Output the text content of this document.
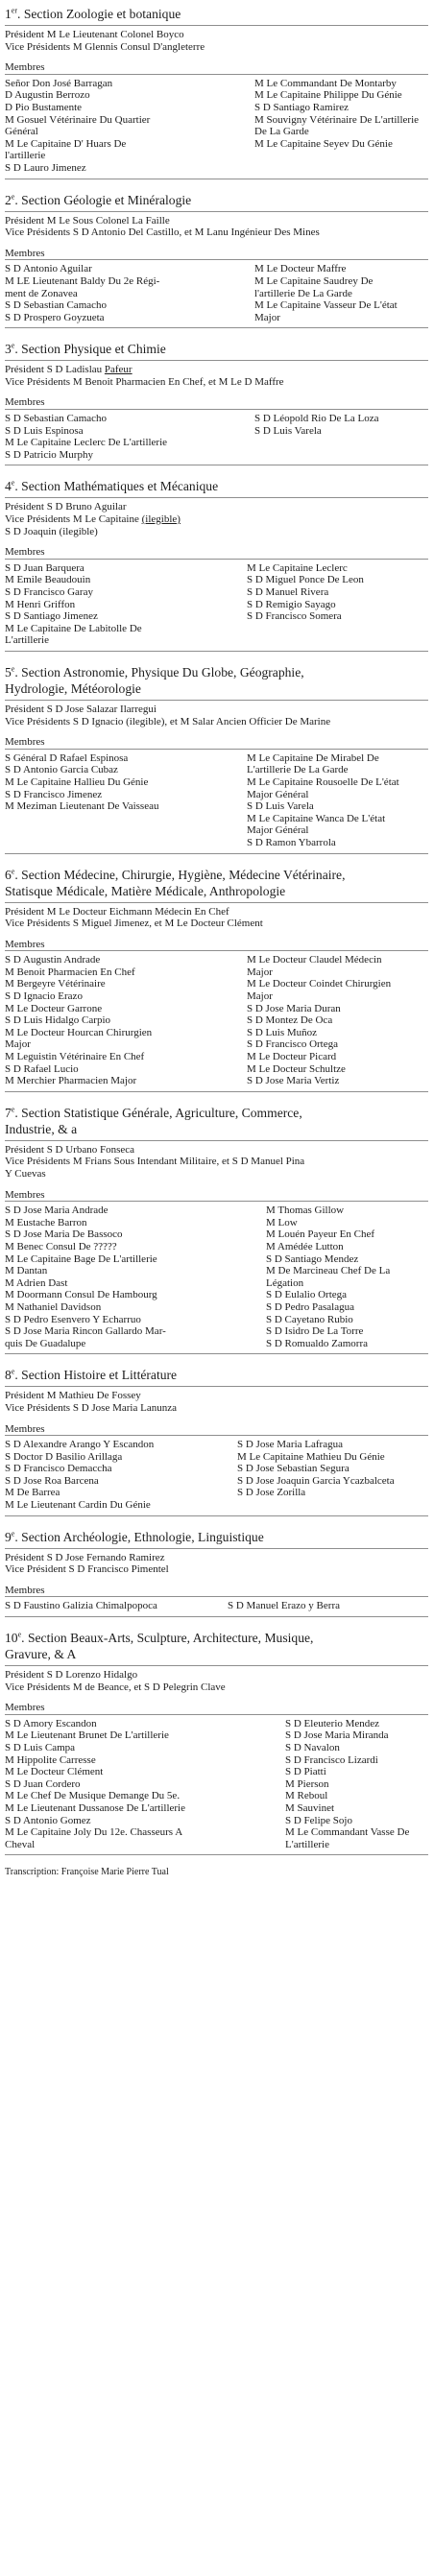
1er. Section Zoologie et botanique
Président M Le Lieutenant Colonel Boyco
Vice Présidents M Glennis Consul D'angleterre
Membres
Señor Don José Barragan
D Augustin Berrozo
D Pio Bustamente
M Gosuel Vétérinaire Du Quartier
Général
M Le Capitaine D' Huars De
l'artillerie
S D Lauro Jimenez
M Le Commandant De Montarby
M Le Capitaine Philippe Du Génie
S D Santiago Ramirez
M Souvigny Vétérinaire De L'artillerie
De La Garde
M Le Capitaine Seyev Du Génie
2e. Section Géologie et Minéralogie
Président M Le Sous Colonel La Faille
Vice Présidents S D Antonio Del Castillo, et M Lanu Ingénieur Des Mines
Membres
S D Antonio Aguilar
M LE Lieutenant Baldy Du 2e Régi-
ment de Zonavea
S D Sebastian Camacho
S D Prospero Goyzueta
M Le Docteur Maffre
M Le Capitaine Saudrey De
l'artillerie De La Garde
M Le Capitaine Vasseur De L'état
Major
3e. Section Physique et Chimie
Président S D Ladislau Pafeur
Vice Présidents M Benoit Pharmacien En Chef, et M Le D Maffre
Membres
S D Sebastian Camacho
S D Luis Espinosa
M Le Capitaine Leclerc De L'artillerie
S D Patricio Murphy
S D Léopold Rio De La Loza
S D Luis Varela
4e. Section Mathématiques et Mécanique
Président S D Bruno Aguilar
Vice Présidents M Le Capitaine (ilegible)
S D Joaquin (ilegible)
Membres
S D Juan Barquera
M Emile Beaudouin
S D Francisco Garay
M Henri Griffon
S D Santiago Jimenez
M Le Capitaine De Labitolle De
L'artillerie
M Le Capitaine Leclerc
S D Miguel Ponce De Leon
S D Manuel Rivera
S D Remigio Sayago
S D Francisco Somera
5e. Section Astronomie, Physique Du Globe, Géographie,
Hydrologie, Météorologie
Président S D Jose Salazar Ilarregui
Vice Présidents S D Ignacio (ilegible), et M Salar Ancien Officier De Marine
Membres
S Général D Rafael Espinosa
S D Antonio Garcia Cubaz
M Le Capitaine Hallieu Du Génie
S D Francisco Jimenez
M Meziman Lieutenant De Vaisseau
M Le Capitaine De Mirabel De
L'artillerie De La Garde
M Le Capitaine Rousoelle De L'état
Major Général
S D Luis Varela
M Le Capitaine Wanca De L'état
Major Général
S D Ramon Ybarrola
6e. Section Médecine, Chirurgie, Hygiène, Médecine Vétérinaire,
Statisque Médicale, Matière Médicale, Anthropologie
Président M Le Docteur Eichmann Médecin En Chef
Vice Présidents S Miguel Jimenez, et M Le Docteur Clément
Membres
S D Augustin Andrade
M Benoit Pharmacien En Chef
M Bergeyre Vétérinaire
S D Ignacio Erazo
M Le Docteur Garrone
S D Luis Hidalgo Carpio
M Le Docteur Hourcan Chirurgien
Major
M Leguistin Vétérinaire En Chef
S D Rafael Lucio
M Merchier Pharmacien Major
M Le Docteur Claudel Médecin
Major
M Le Docteur Coindet Chirurgien
Major
S D Jose Maria Duran
S D Montez De Oca
S D Luis Muñoz
S D Francisco Ortega
M Le Docteur Picard
M Le Docteur Schultze
S D Jose Maria Vertiz
7e. Section Statistique Générale, Agriculture, Commerce,
Industrie, & a
Président S D Urbano Fonseca
Vice Présidents M Frians Sous Intendant Militaire, et S D Manuel Pina
Y Cuevas
Membres
S D Jose Maria Andrade
M Eustache Barron
S D Jose Maria De Bassoco
M Benec Consul De ?????
M Le Capitaine Bage De L'artillerie
M Dantan
M Adrien Dast
M Doormann Consul De Hambourg
M Nathaniel Davidson
S D Pedro Esenvero Y Echarruo
S D Jose Maria Rincon Gallardo Mar-
quis De Guadalupe
M Thomas Gillow
M Low
M Louén Payeur En Chef
M Amédée Lutton
S D Santiago Mendez
M De Marcineau Chef De La
Légation
S D Eulalio Ortega
S D Pedro Pasalagua
S D Cayetano Rubio
S D Isidro De La Torre
S D Romualdo Zamorra
8e. Section Histoire et Littérature
Président M Mathieu De Fossey
Vice Présidents S D Jose Maria Lanunza
Membres
S D Alexandre Arango Y Escandon
S Doctor D Basilio Arillaga
S D Francisco Demaccha
S D Jose Roa Barcena
M De Barrea
M Le Lieutenant Cardin Du Génie
S D Jose Maria Lafragua
M Le Capitaine Mathieu Du Génie
S D Jose Sebastian Segura
S D Jose Joaquin Garcia Ycazbalceta
S D Jose Zorilla
9e. Section Archéologie, Ethnologie, Linguistique
Président S D Jose Fernando Ramirez
Vice Président S D Francisco Pimentel
Membres
S D Faustino Galizia Chimalpopoca	S D Manuel Erazo y Berra
10e. Section Beaux-Arts, Sculpture, Architecture, Musique,
Gravure, & A
Président S D Lorenzo Hidalgo
Vice Présidents M de Beance, et S D Pelegrin Clave
Membres
S D Amory Escandon
M Le Lieutenant Brunet De L'artillerie
S D Luis Campa
M Hippolite Carresse
M Le Docteur Clément
S D Juan Cordero
M Le Chef De Musique Demange Du 5e.
M Le Lieutenant Dussanose De L'artillerie
S D Antonio Gomez
M Le Capitaine Joly Du 12e. Chasseurs A
Cheval
S D Eleuterio Mendez
S D Jose Maria Miranda
S D Navalon
S D Francisco Lizardi
S D Piatti
M Pierson
M Reboul
M Sauvinet
S D Felipe Sojo
M Le Commandant Vasse De
L'artillerie
Transcription: Françoise Marie Pierre Tual
